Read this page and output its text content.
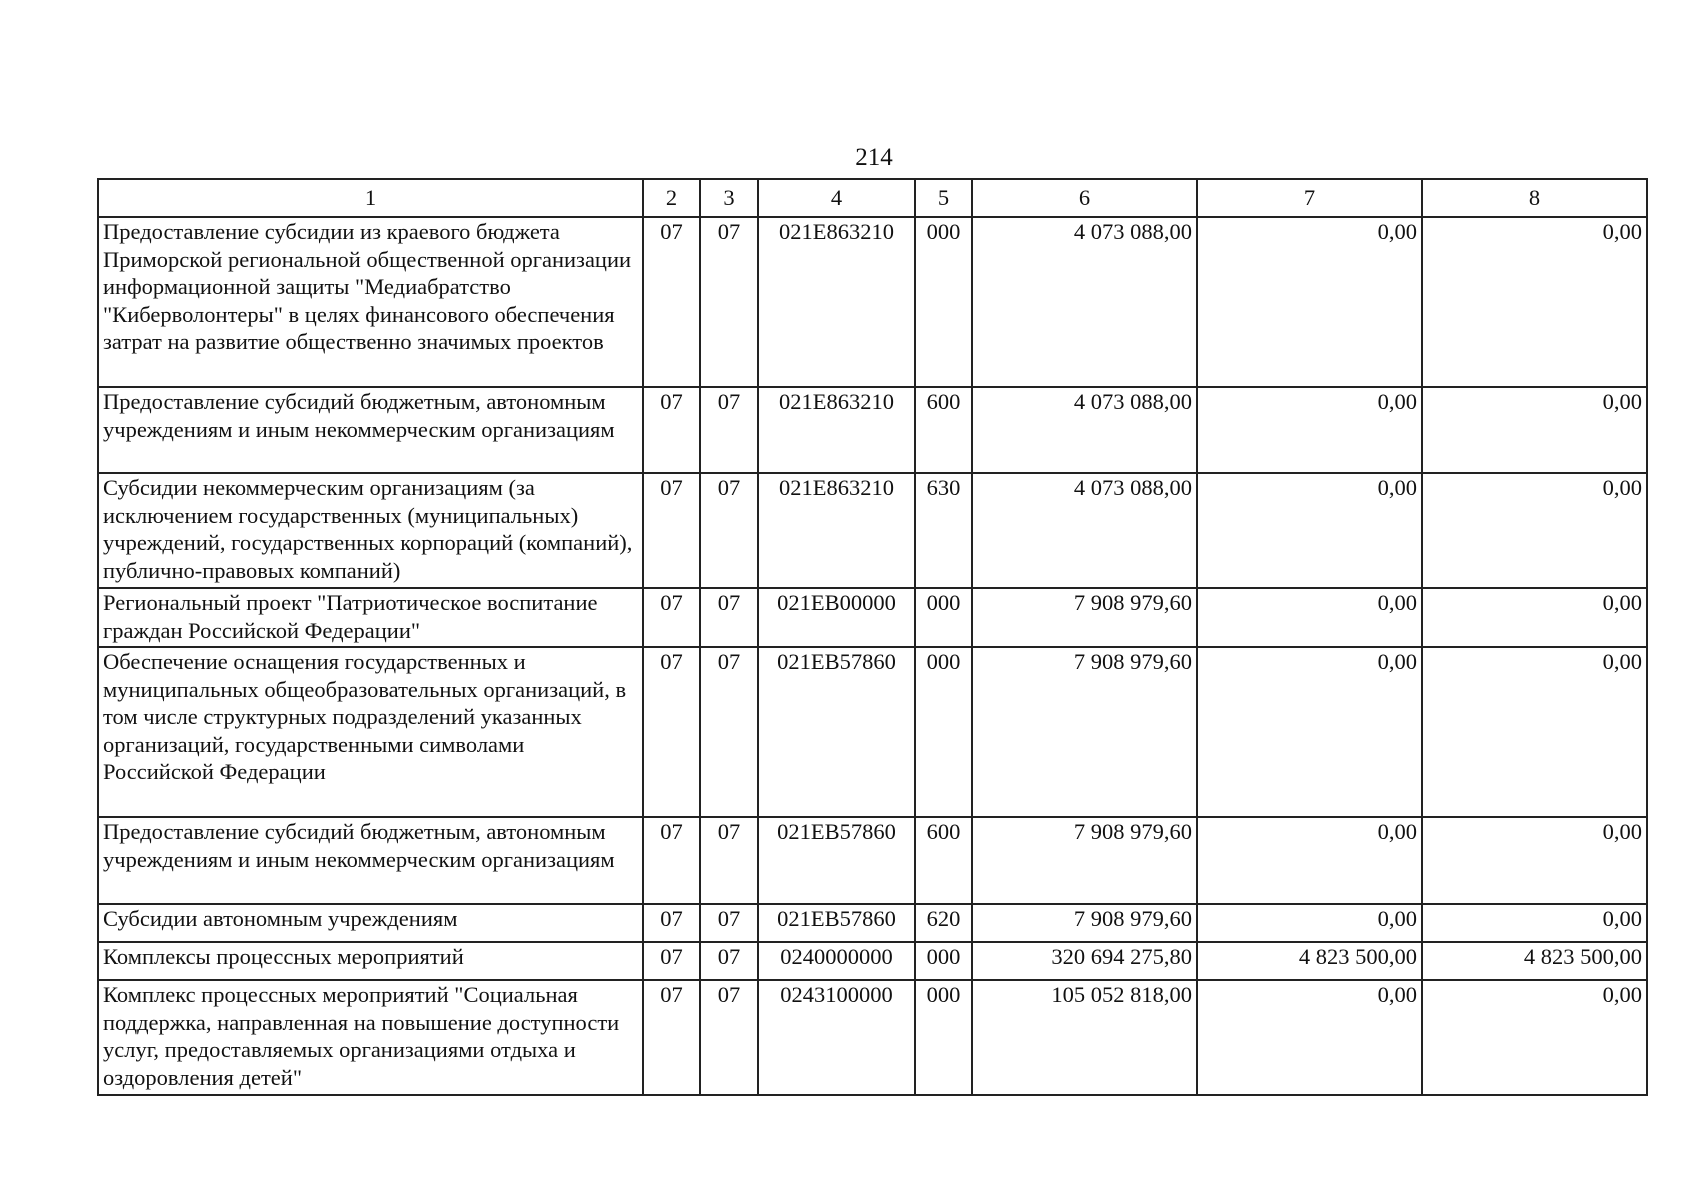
214
1	2	3	4	5	6	7	8
Предоставление субсидии из краевого бюджета Приморской региональной общественной организации информационной защиты "Медиабратство "Киберволонтеры" в целях финансового обеспечения затрат на развитие общественно значимых проектов	07	07	021E863210	000	4 073 088,00	0,00	0,00
Предоставление субсидий бюджетным, автономным учреждениям и иным некоммерческим организациям	07	07	021E863210	600	4 073 088,00	0,00	0,00
Субсидии некоммерческим организациям (за исключением государственных (муниципальных) учреждений, государственных корпораций (компаний), публично-правовых компаний)	07	07	021E863210	630	4 073 088,00	0,00	0,00
Региональный проект "Патриотическое воспитание граждан Российской Федерации"	07	07	021EB00000	000	7 908 979,60	0,00	0,00
Обеспечение оснащения государственных и муниципальных общеобразовательных организаций, в том числе структурных подразделений указанных организаций, государственными символами Российской Федерации	07	07	021EB57860	000	7 908 979,60	0,00	0,00
Предоставление субсидий бюджетным, автономным учреждениям и иным некоммерческим организациям	07	07	021EB57860	600	7 908 979,60	0,00	0,00
Субсидии автономным учреждениям	07	07	021EB57860	620	7 908 979,60	0,00	0,00
Комплексы процессных мероприятий	07	07	0240000000	000	320 694 275,80	4 823 500,00	4 823 500,00
Комплекс процессных мероприятий "Социальная поддержка, направленная на повышение доступности услуг, предоставляемых организациями отдыха и оздоровления детей"	07	07	0243100000	000	105 052 818,00	0,00	0,00
